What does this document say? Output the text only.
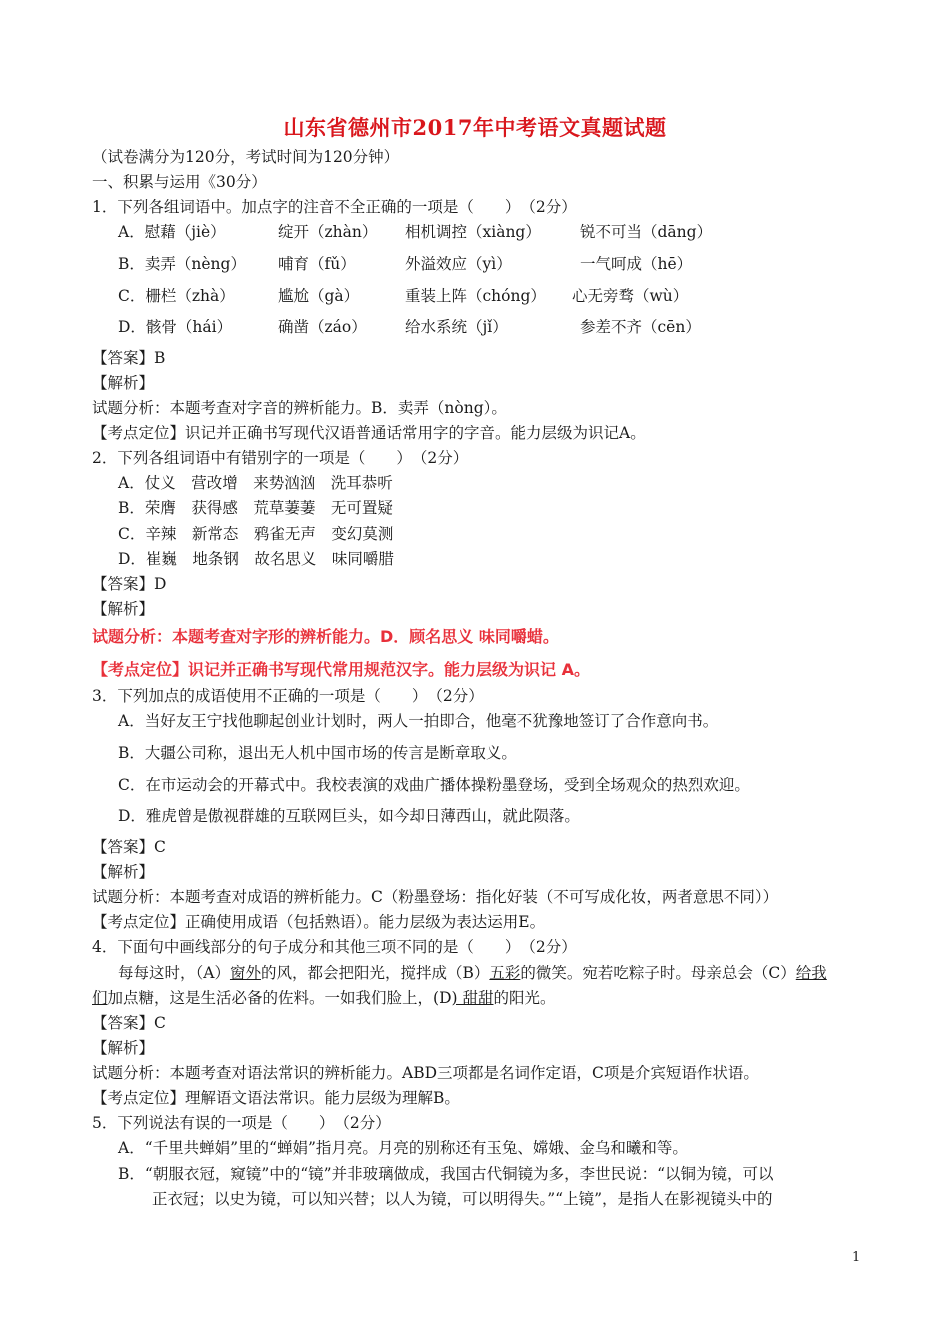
山东省德州市2017年中考语文真题试题
（试卷满分为120分，考试时间为120分钟）
一、积累与运用《30分）
1．下列各组词语中。加点字的注音不全正确的一项是（　　）　（2分）
A．慰藉（jiè）	绽开（zhàn） 相机调控（xiàng）	锐不可当（dāng）
B．卖弄（nèng） 哺育（fǔ）	外溢效应（yì）	一气呵成（hē）
C．栅栏（zhà）	尴尬（gà）	重装上阵（chóng） 心无旁骛（wù）
D．骸骨（hái）	确凿（záo） 给水系统（jǐ）	参差不齐（cēn）
【答案】B
【解析】
试题分析：本题考查对字音的辨析能力。B．卖弄（nòng）。
【考点定位】识记并正确书写现代汉语普通话常用字的字音。能力层级为识记A。
2．下列各组词语中有错别字的一项是（　　）　（2分）
A．仗义　营改增　来势汹汹　洗耳恭听
B．荣膺　获得感　荒草萋萋　无可置疑
C．辛辣　新常态　鸦雀无声　变幻莫测
D．崔巍　地条钢　故名思义　味同嚼腊
【答案】D
【解析】
试题分析：本题考查对字形的辨析能力。D．顾名思义 味同嚼蜡。
【考点定位】识记并正确书写现代常用规范汉字。能力层级为识记 A。
3．下列加点的成语使用不正确的一项是（　　）　（2分）
A．当好友王宁找他聊起创业计划时，两人一拍即合，他毫不犹豫地签订了合作意向书。
B．大疆公司称，退出无人机中国市场的传言是断章取义。
C．在市运动会的开幕式中。我校表演的戏曲广播体操粉墨登场，受到全场观众的热烈欢迎。
D．雅虎曾是傲视群雄的互联网巨头，如今却日薄西山，就此陨落。
【答案】C
【解析】
试题分析：本题考查对成语的辨析能力。C（粉墨登场：指化好装（不可写成化妆，两者意思不同））
【考点定位】正确使用成语（包括熟语）。能力层级为表达运用E。
4．下面句中画线部分的句子成分和其他三项不同的是（　　）　（2分）
每每这时，（A）窗外的风，都会把阳光，搅拌成（B）五彩的微笑。宛若吃粽子时。母亲总会（C）给我
们加点糖，这是生活必备的佐料。一如我们脸上，(D) 甜甜的阳光。
【答案】C
【解析】
试题分析：本题考查对语法常识的辨析能力。ABD三项都是名词作定语，C项是介宾短语作状语。
【考点定位】理解语文语法常识。能力层级为理解B。
5．下列说法有误的一项是（　　）　（2分）
A．“千里共蝉娟”里的“蝉娟”指月亮。月亮的别称还有玉兔、嫦娥、金乌和曦和等。
B．“朝服衣冠，窥镜”中的“镜”并非玻璃做成，我国古代铜镜为多，李世民说：“以铜为镜，可以
正衣冠；以史为镜，可以知兴替；以人为镜，可以明得失。”“上镜”，是指人在影视镜头中的
1
